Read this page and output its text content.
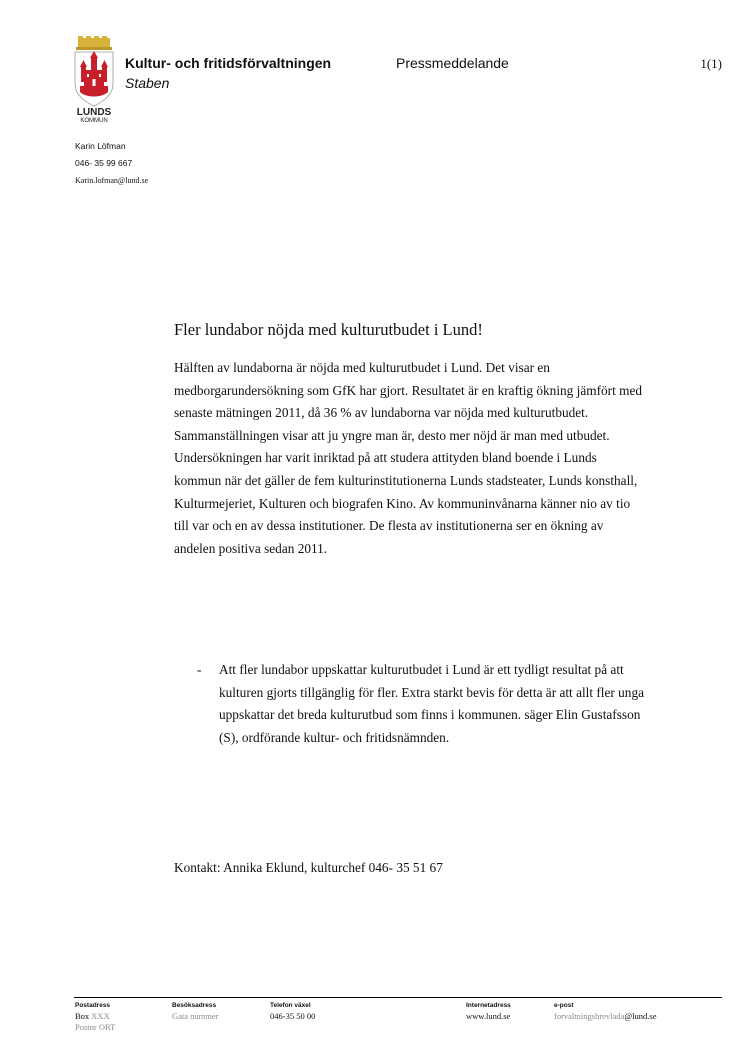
LUNDS
KOMMUN
Kultur- och fritidsförvaltningen
Staben
Pressmeddelande	1(1)
Karin Löfman
046- 35 99 667
Karin.lofman@lund.se
Fler lundabor nöjda med kulturutbudet i Lund!

Hälften av lundaborna är nöjda med kulturutbudet i Lund. Det visar en medborgarundersökning som GfK har gjort. Resultatet är en kraftig ökning jämfört med senaste mätningen 2011, då 36 % av lundaborna var nöjda med kulturutbudet. Sammanställningen visar att ju yngre man är, desto mer nöjd är man med utbudet.

Undersökningen har varit inriktad på att studera attityden bland boende i Lunds kommun när det gäller de fem kulturinstitutionerna Lunds stadsteater, Lunds konsthall, Kulturmejeriet, Kulturen och biografen Kino. Av kommuninvånarna känner nio av tio till var och en av dessa institutioner. De flesta av institutionerna ser en ökning av andelen positiva sedan 2011.

- Att fler lundabor uppskattar kulturutbudet i Lund är ett tydligt resultat på att kulturen gjorts tillgänglig för fler. Extra starkt bevis för detta är att allt fler unga uppskattar det breda kulturutbud som finns i kommunen. säger Elin Gustafsson (S), ordförande kultur- och fritidsnämnden.

Kontakt: Annika Eklund, kulturchef 046- 35 51 67
Postadress
Box XXX
Postnr ORT
Besöksadress
Gata nummer
Telefon växel
046-35 50 00
Internetadress
www.lund.se
e-post
forvaltningsbrevlada@lund.se
